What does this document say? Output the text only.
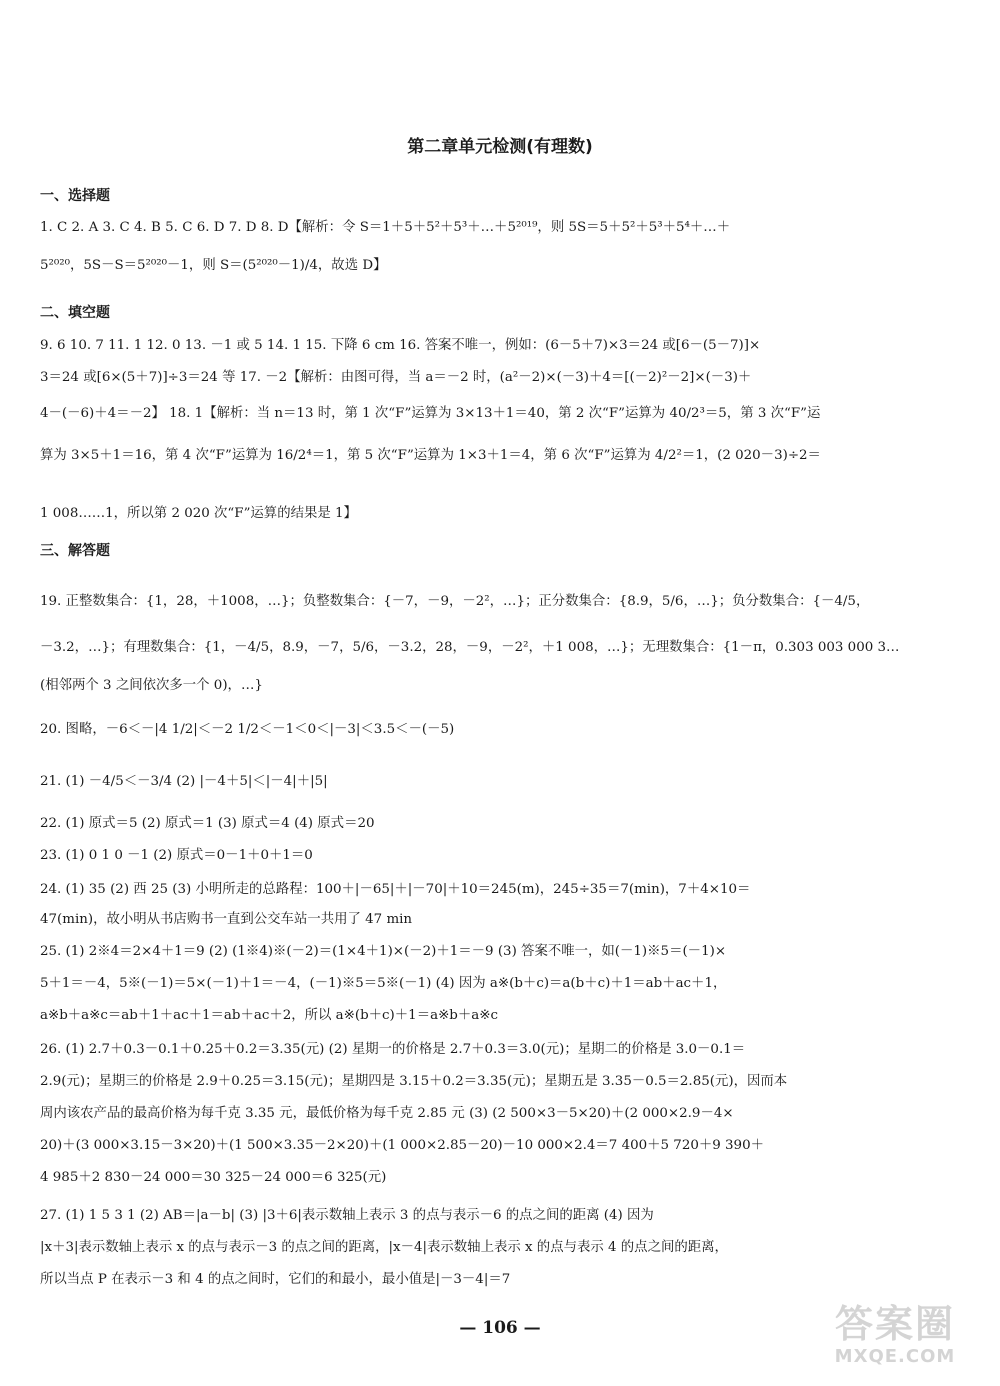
第二章单元检测(有理数)
一、选择题
1. C 2. A 3. C 4. B 5. C 6. D 7. D 8. D【解析：令 S＝1＋5＋5²＋5³＋…＋5²⁰¹⁹，则 5S＝5＋5²＋5³＋5⁴＋…＋
5²⁰²⁰，5S－S＝5²⁰²⁰－1，则 S＝(5²⁰²⁰－1)/4，故选 D】
二、填空题
9. 6 10. 7 11. 1 12. 0 13. －1 或 5 14. 1 15. 下降 6 cm 16. 答案不唯一，例如：(6－5＋7)×3＝24 或[6－(5－7)]×
3＝24 或[6×(5＋7)]÷3＝24 等 17. －2【解析：由图可得，当 a＝－2 时，(a²－2)×(－3)＋4＝[(－2)²－2]×(－3)＋
4－(－6)＋4＝－2】 18. 1【解析：当 n＝13 时，第 1 次“F”运算为 3×13＋1＝40，第 2 次“F”运算为 40/2³＝5，第 3 次“F”运
算为 3×5＋1＝16，第 4 次“F”运算为 16/2⁴＝1，第 5 次“F”运算为 1×3＋1＝4，第 6 次“F”运算为 4/2²＝1，(2 020－3)÷2＝
1 008……1，所以第 2 020 次“F”运算的结果是 1】
三、解答题
19. 正整数集合：{1，28，＋1008，…}；负整数集合：{－7，－9，－2²，…}；正分数集合：{8.9，5/6，…}；负分数集合：{－4/5，
－3.2，…}；有理数集合：{1，－4/5，8.9，－7，5/6，－3.2，28，－9，－2²，＋1 008，…}；无理数集合：{1－π，0.303 003 000 3…
(相邻两个 3 之间依次多一个 0)，…}
20. 图略，－6＜－|4 1/2|＜－2 1/2＜－1＜0＜|－3|＜3.5＜－(－5)
21. (1) －4/5＜－3/4 (2) |－4＋5|＜|－4|＋|5|
22. (1) 原式＝5 (2) 原式＝1 (3) 原式＝4 (4) 原式＝20
23. (1) 0 1 0 －1 (2) 原式＝0－1＋0＋1＝0
24. (1) 35 (2) 西 25 (3) 小明所走的总路程：100＋|－65|＋|－70|＋10＝245(m)，245÷35＝7(min)，7＋4×10＝
47(min)，故小明从书店购书一直到公交车站一共用了 47 min
25. (1) 2※4＝2×4＋1＝9 (2) (1※4)※(－2)＝(1×4＋1)×(－2)＋1＝－9 (3) 答案不唯一，如(－1)※5＝(－1)×
5＋1＝－4，5※(－1)＝5×(－1)＋1＝－4，(－1)※5＝5※(－1) (4) 因为 a※(b＋c)＝a(b＋c)＋1＝ab＋ac＋1，
a※b＋a※c＝ab＋1＋ac＋1＝ab＋ac＋2，所以 a※(b＋c)＋1＝a※b＋a※c
26. (1) 2.7＋0.3－0.1＋0.25＋0.2＝3.35(元) (2) 星期一的价格是 2.7＋0.3＝3.0(元)；星期二的价格是 3.0－0.1＝
2.9(元)；星期三的价格是 2.9＋0.25＝3.15(元)；星期四是 3.15＋0.2＝3.35(元)；星期五是 3.35－0.5＝2.85(元)，因而本
周内该农产品的最高价格为每千克 3.35 元，最低价格为每千克 2.85 元 (3) (2 500×3－5×20)＋(2 000×2.9－4×
20)＋(3 000×3.15－3×20)＋(1 500×3.35－2×20)＋(1 000×2.85－20)－10 000×2.4＝7 400＋5 720＋9 390＋
4 985＋2 830－24 000＝30 325－24 000＝6 325(元)
27. (1) 1 5 3 1 (2) AB＝|a－b| (3) |3＋6|表示数轴上表示 3 的点与表示－6 的点之间的距离 (4) 因为
|x＋3|表示数轴上表示 x 的点与表示－3 的点之间的距离，|x－4|表示数轴上表示 x 的点与表示 4 的点之间的距离，
所以当点 P 在表示－3 和 4 的点之间时，它们的和最小，最小值是|－3－4|＝7
— 106 —	答案圈
MXQE.COM
